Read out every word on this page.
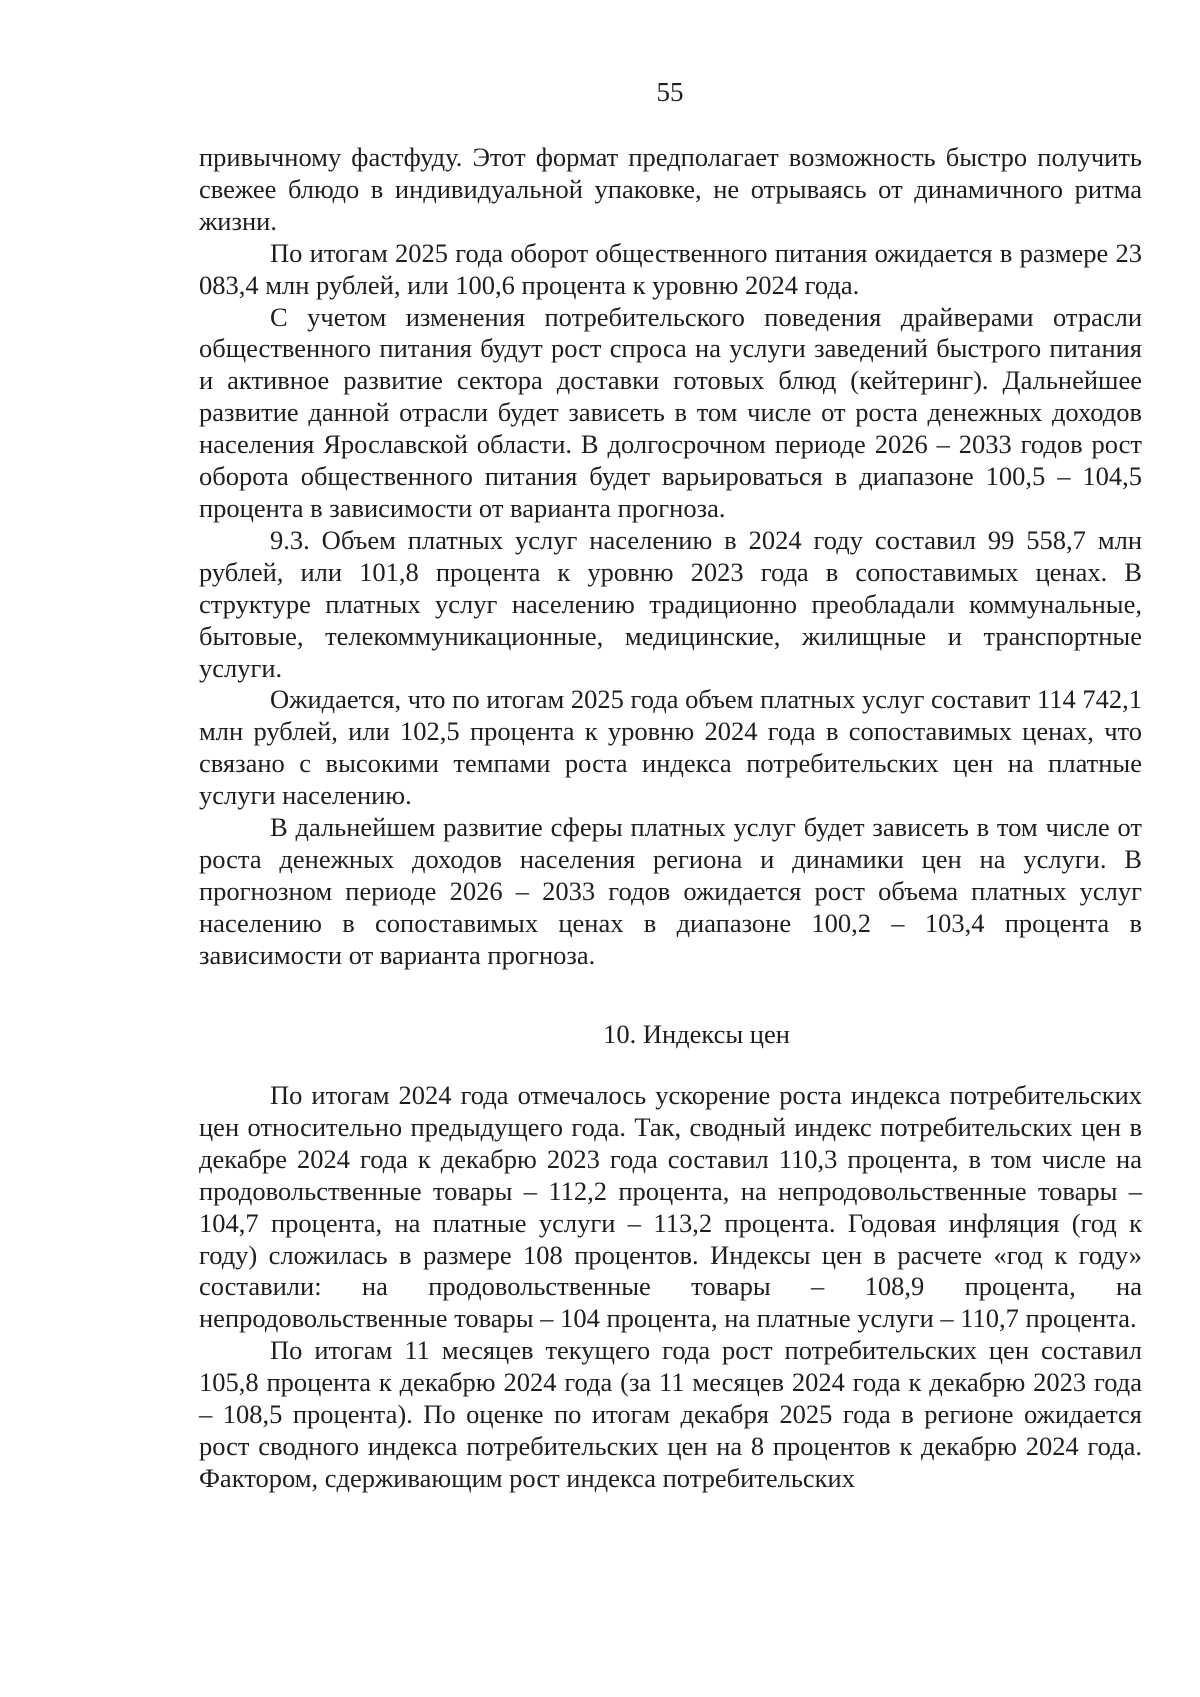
55

привычному фастфуду. Этот формат предполагает возможность быстро получить свежее блюдо в индивидуальной упаковке, не отрываясь от динамичного ритма жизни.

По итогам 2025 года оборот общественного питания ожидается в размере 23 083,4 млн рублей, или 100,6 процента к уровню 2024 года.

С учетом изменения потребительского поведения драйверами отрасли общественного питания будут рост спроса на услуги заведений быстрого питания и активное развитие сектора доставки готовых блюд (кейтеринг). Дальнейшее развитие данной отрасли будет зависеть в том числе от роста денежных доходов населения Ярославской области. В долгосрочном периоде 2026 – 2033 годов рост оборота общественного питания будет варьироваться в диапазоне 100,5 – 104,5 процента в зависимости от варианта прогноза.

9.3. Объем платных услуг населению в 2024 году составил 99 558,7 млн рублей, или 101,8 процента к уровню 2023 года в сопоставимых ценах. В структуре платных услуг населению традиционно преобладали коммунальные, бытовые, телекоммуникационные, медицинские, жилищные и транспортные услуги.

Ожидается, что по итогам 2025 года объем платных услуг составит 114 742,1 млн рублей, или 102,5 процента к уровню 2024 года в сопоставимых ценах, что связано с высокими темпами роста индекса потребительских цен на платные услуги населению.

В дальнейшем развитие сферы платных услуг будет зависеть в том числе от роста денежных доходов населения региона и динамики цен на услуги. В прогнозном периоде 2026 – 2033 годов ожидается рост объема платных услуг населению в сопоставимых ценах в диапазоне 100,2 – 103,4 процента в зависимости от варианта прогноза.

10. Индексы цен

По итогам 2024 года отмечалось ускорение роста индекса потребительских цен относительно предыдущего года. Так, сводный индекс потребительских цен в декабре 2024 года к декабрю 2023 года составил 110,3 процента, в том числе на продовольственные товары – 112,2 процента, на непродовольственные товары – 104,7 процента, на платные услуги – 113,2 процента. Годовая инфляция (год к году) сложилась в размере 108 процентов. Индексы цен в расчете «год к году» составили: на продовольственные товары – 108,9 процента, на непродовольственные товары – 104 процента, на платные услуги – 110,7 процента.

По итогам 11 месяцев текущего года рост потребительских цен составил 105,8 процента к декабрю 2024 года (за 11 месяцев 2024 года к декабрю 2023 года – 108,5 процента). По оценке по итогам декабря 2025 года в регионе ожидается рост сводного индекса потребительских цен на 8 процентов к декабрю 2024 года. Фактором, сдерживающим рост индекса потребительских
